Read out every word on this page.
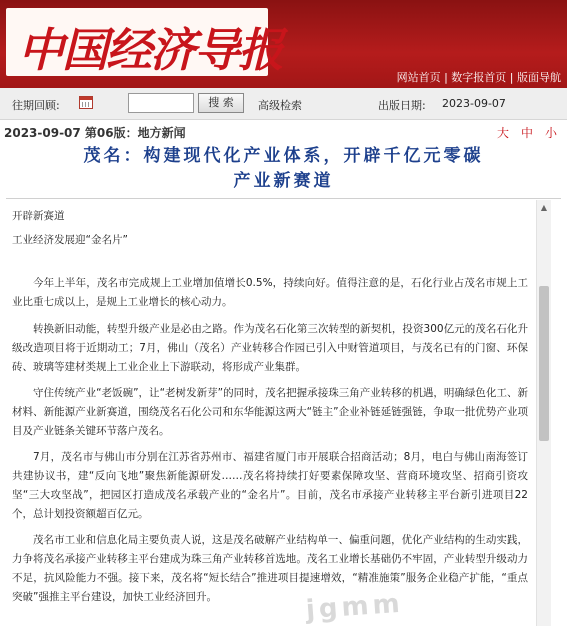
中国经济导报
网站首页 | 数字报首页 | 版面导航
往期回顾:	搜 索	高级检索	出版日期: 2023-09-07
2023-09-07 第06版：地方新闻	大 中 小
茂名：构建现代化产业体系，开辟千亿元零碳
产业新赛道
开辟新赛道
工业经济发展迎“金名片”

今年上半年，茂名市完成规上工业增加值增长0.5%，持续向好。值得注意的是，石化行业占茂名市规上工业比重七成以上，是规上工业增长的核心动力。

转换新旧动能，转型升级产业是必由之路。作为茂名石化第三次转型的新契机，投资300亿元的茂名石化升级改造项目将于近期动工；7月，佛山（茂名）产业转移合作园已引入中财管道项目，与茂名已有的门窗、环保砖、玻璃等建材类规上工业企业上下游联动，将形成产业集群。

守住传统产业“老饭碗”，让“老树发新芽”的同时，茂名把握承接珠三角产业转移的机遇，明确绿色化工、新材料、新能源产业新赛道，围绕茂名石化公司和东华能源这两大“链主”企业补链延链强链，争取一批优势产业项目及产业链条关键环节落户茂名。

7月，茂名市与佛山市分别在江苏省苏州市、福建省厦门市开展联合招商活动；8月，电白与佛山南海签订共建协议书，建“反向飞地”聚焦新能源研发……茂名将持续打好要素保障攻坚、营商环境攻坚、招商引资攻坚“三大攻坚战”，把园区打造成茂名承载产业的“金名片”。目前，茂名市承接产业转移主平台新引进项目22个，总计划投资额超百亿元。

茂名市工业和信息化局主要负责人说，这是茂名破解产业结构单一、偏重问题，优化产业结构的生动实践，力争将茂名承接产业转移主平台建成为珠三角产业转移首选地。茂名工业增长基础仍不牢固，产业转型升级动力不足，抗风险能力不强。接下来，茂名将“短长结合”推进项目提速增效，“精准施策”服务企业稳产扩能，“重点突破”强推主平台建设，加快工业经济回升。	jgmm
▲
